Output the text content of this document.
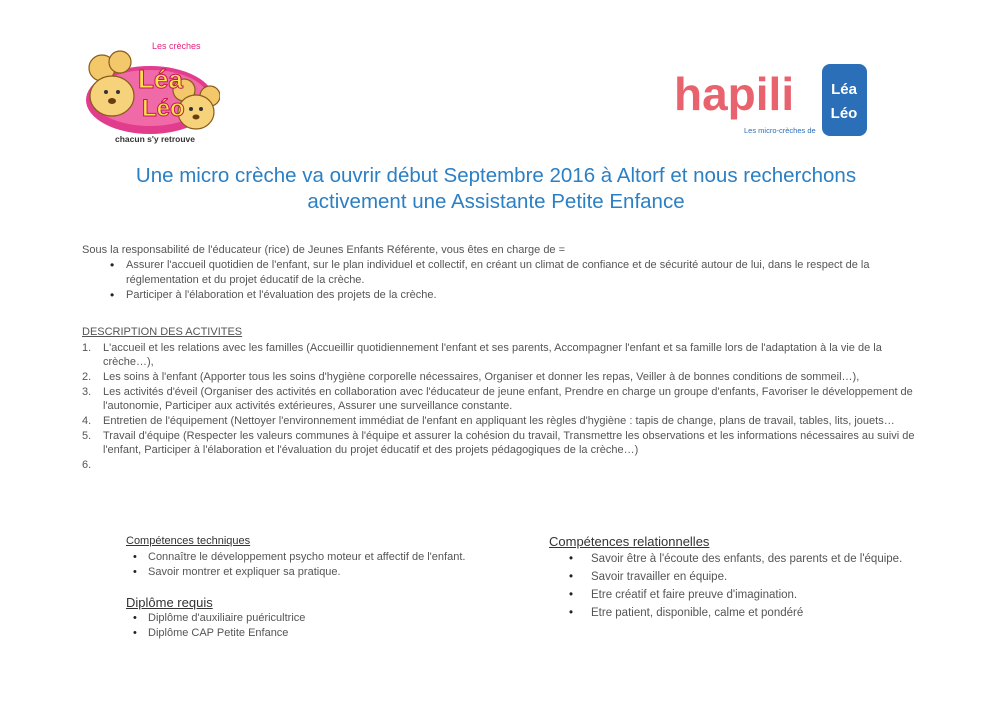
Les crèches
Léa
Léo
chacun s'y retrouve
hapili Léa
Léo
Les micro-crèches de
Une micro crèche va ouvrir début Septembre 2016 à Altorf et nous recherchons
activement une Assistante Petite Enfance
Sous la responsabilité de l'éducateur (rice) de Jeunes Enfants Référente, vous êtes en charge de =
• Assurer l'accueil quotidien de l'enfant, sur le plan individuel et collectif, en créant un climat de confiance et de sécurité autour de lui, dans le respect de la réglementation et du projet éducatif de la crèche.
• Participer à l'élaboration et l'évaluation des projets de la crèche.
DESCRIPTION DES ACTIVITES
1. L'accueil et les relations avec les familles (Accueillir quotidiennement l'enfant et ses parents, Accompagner l'enfant et sa famille lors de l'adaptation à la vie de la crèche…),
2. Les soins à l'enfant (Apporter tous les soins d'hygiène corporelle nécessaires, Organiser et donner les repas, Veiller à de bonnes conditions de sommeil…),
3. Les activités d'éveil (Organiser des activités en collaboration avec l'éducateur de jeune enfant, Prendre en charge un groupe d'enfants, Favoriser le développement de l'autonomie, Participer aux activités extérieures, Assurer une surveillance constante.
4. Entretien de l'équipement (Nettoyer l'environnement immédiat de l'enfant en appliquant les règles d'hygiène : tapis de change, plans de travail, tables, lits, jouets…
5. Travail d'équipe (Respecter les valeurs communes à l'équipe et assurer la cohésion du travail, Transmettre les observations et les informations nécessaires au suivi de l'enfant, Participer à l'élaboration et l'évaluation du projet éducatif et des projets pédagogiques de la crèche…)
6.

Compétences techniques
• Connaître le développement psycho moteur et affectif de l'enfant.
• Savoir montrer et expliquer sa pratique.
Diplôme requis
• Diplôme d'auxiliaire puéricultrice
• Diplôme CAP Petite Enfance
Compétences relationnelles
• Savoir être à l'écoute des enfants, des parents et de l'équipe.
• Savoir travailler en équipe.
• Etre créatif et faire preuve d'imagination.
• Etre patient, disponible, calme et pondéré
